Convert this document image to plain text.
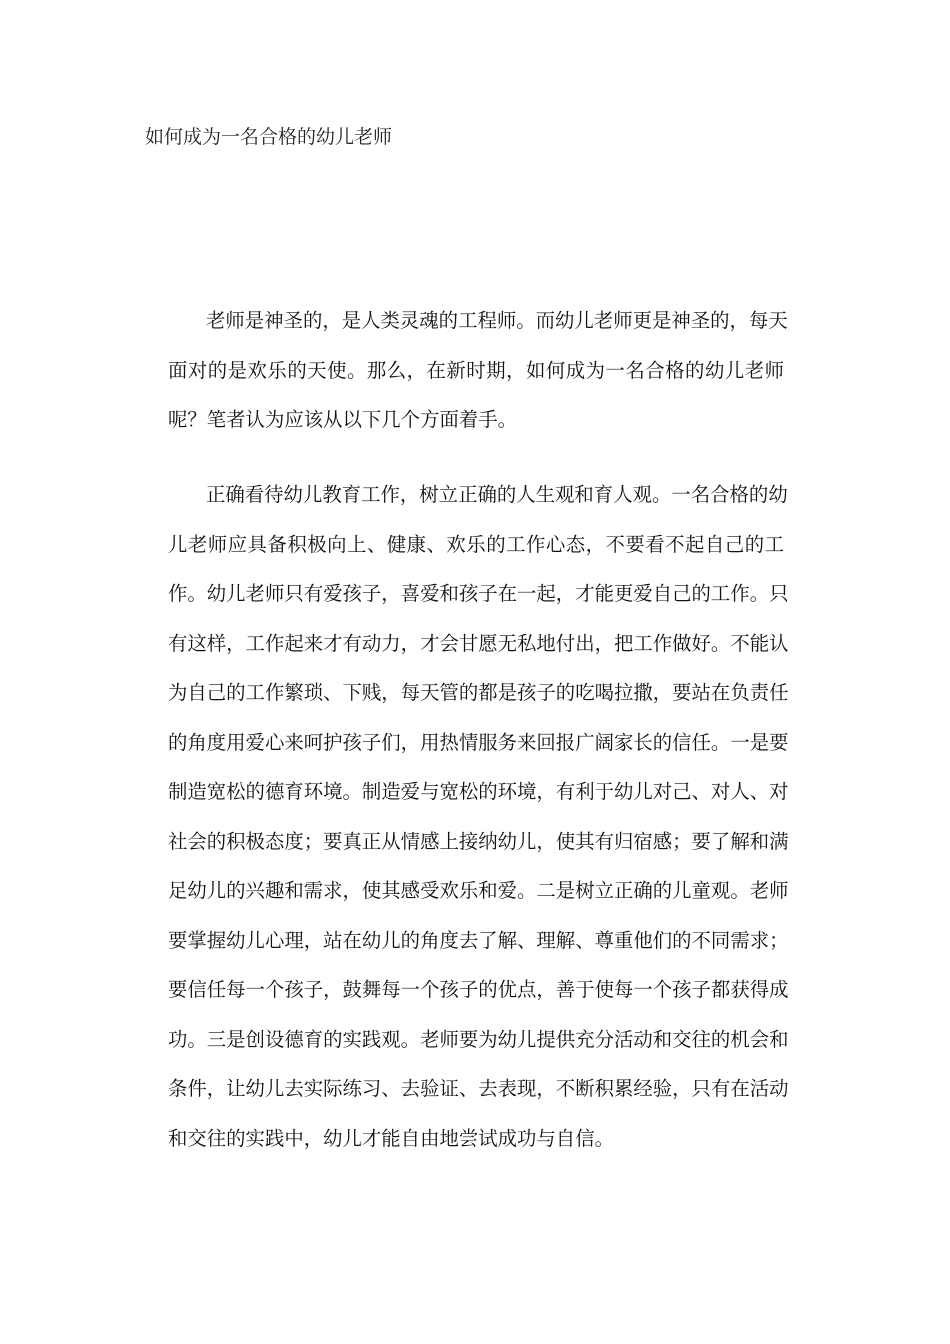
如何成为一名合格的幼儿老师
老师是神圣的，是人类灵魂的工程师。而幼儿老师更是神圣的，每天
面对的是欢乐的天使。那么，在新时期，如何成为一名合格的幼儿老师
呢？笔者认为应该从以下几个方面着手。
正确看待幼儿教育工作，树立正确的人生观和育人观。一名合格的幼
儿老师应具备积极向上、健康、欢乐的工作心态，不要看不起自己的工
作。幼儿老师只有爱孩子，喜爱和孩子在一起，才能更爱自己的工作。只
有这样，工作起来才有动力，才会甘愿无私地付出，把工作做好。不能认
为自己的工作繁琐、下贱，每天管的都是孩子的吃喝拉撒，要站在负责任
的角度用爱心来呵护孩子们，用热情服务来回报广阔家长的信任。一是要
制造宽松的德育环境。制造爱与宽松的环境，有利于幼儿对己、对人、对
社会的积极态度；要真正从情感上接纳幼儿，使其有归宿感；要了解和满
足幼儿的兴趣和需求，使其感受欢乐和爱。二是树立正确的儿童观。老师
要掌握幼儿心理，站在幼儿的角度去了解、理解、尊重他们的不同需求；
要信任每一个孩子，鼓舞每一个孩子的优点，善于使每一个孩子都获得成
功。三是创设德育的实践观。老师要为幼儿提供充分活动和交往的机会和
条件，让幼儿去实际练习、去验证、去表现，不断积累经验，只有在活动
和交往的实践中，幼儿才能自由地尝试成功与自信。
